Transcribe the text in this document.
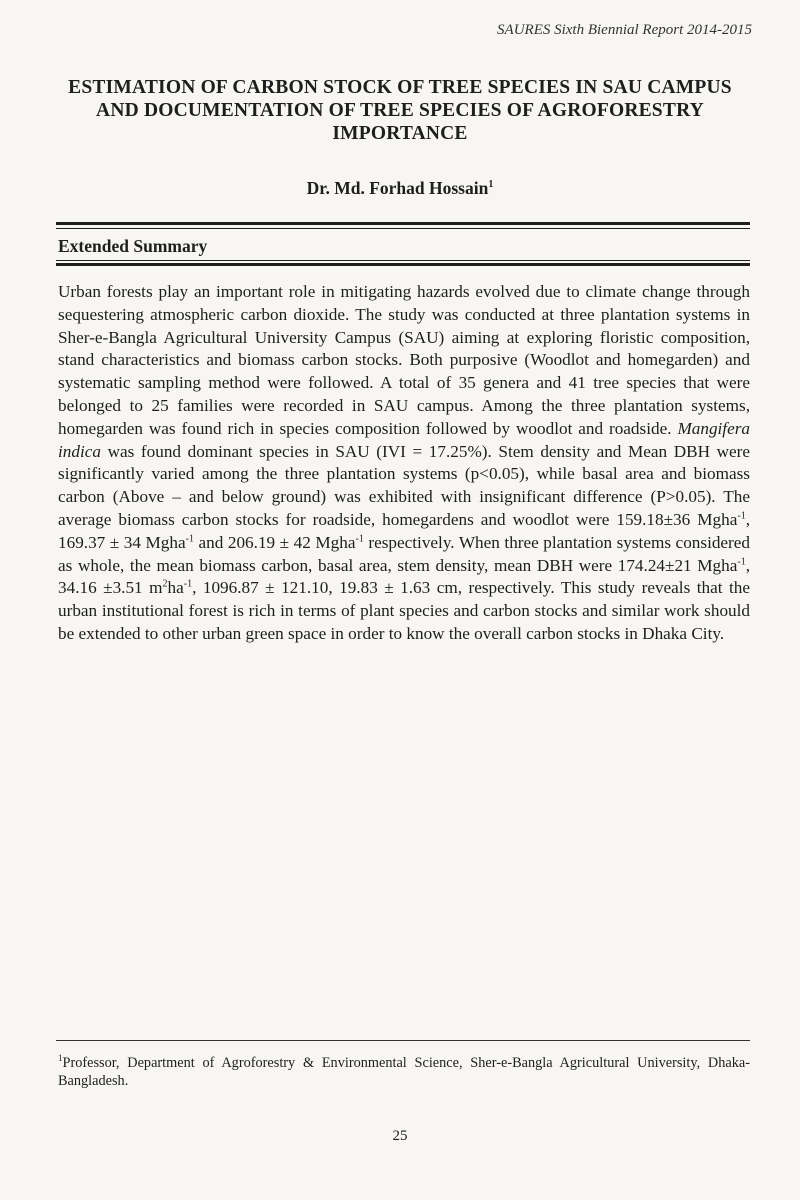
SAURES Sixth Biennial Report 2014-2015
ESTIMATION OF CARBON STOCK OF TREE SPECIES IN SAU CAMPUS AND DOCUMENTATION OF TREE SPECIES OF AGROFORESTRY IMPORTANCE

Dr. Md. Forhad Hossain$^1$

Extended Summary

Urban forests play an important role in mitigating hazards evolved due to climate change through sequestering atmospheric carbon dioxide. The study was conducted at three plantation systems in Sher-e-Bangla Agricultural University Campus (SAU) aiming at exploring floristic composition, stand characteristics and biomass carbon stocks. Both purposive (Woodlot and homegarden) and systematic sampling method were followed. A total of 35 genera and 41 tree species that were belonged to 25 families were recorded in SAU campus. Among the three plantation systems, homegarden was found rich in species composition followed by woodlot and roadside. Mangifera indica was found dominant species in SAU (IVI = 17.25%). Stem density and Mean DBH were significantly varied among the three plantation systems (p<0.05), while basal area and biomass carbon (Above – and below ground) was exhibited with insignificant difference (P>0.05). The average biomass carbon stocks for roadside, homegardens and woodlot were 159.18±36 Mgha$^{-1}$, 169.37 ± 34 Mgha$^{-1}$ and 206.19 ± 42 Mgha$^{-1}$ respectively. When three plantation systems considered as whole, the mean biomass carbon, basal area, stem density, mean DBH were 174.24±21 Mgha$^{-1}$, 34.16 ±3.51 $m^2ha^{-1}$, 1096.87 ± 121.10, 19.83 ± 1.63 cm, respectively. This study reveals that the urban institutional forest is rich in terms of plant species and carbon stocks and similar work should be extended to other urban green space in order to know the overall carbon stocks in Dhaka City.

$^1$Professor, Department of Agroforestry & Environmental Science, Sher-e-Bangla Agricultural University, Dhaka-Bangladesh.

25
